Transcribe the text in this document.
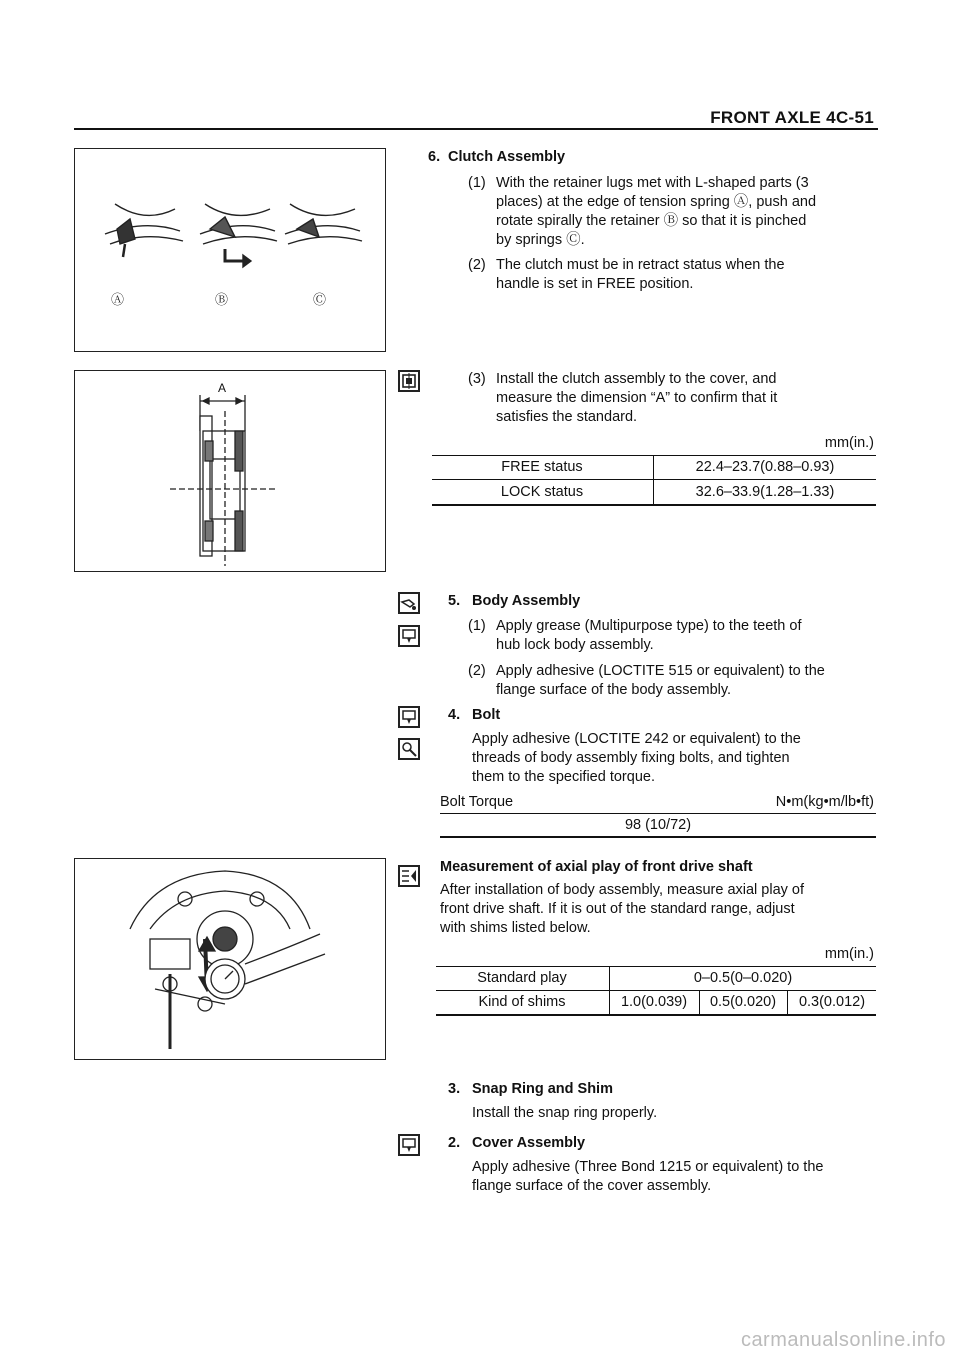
FRONT AXLE 4C-51
Ⓐ	Ⓑ	Ⓒ
A
6. Clutch Assembly
(1) With the retainer lugs met with L-shaped parts (3
places) at the edge of tension spring Ⓐ, push and
rotate spirally the retainer Ⓑ so that it is pinched
by springs Ⓒ.
(2) The clutch must be in retract status when the
handle is set in FREE position.
(3) Install the clutch assembly to the cover, and
measure the dimension “A” to confirm that it
satisfies the standard.
mm(in.)
FREE status	22.4–23.7(0.88–0.93)
LOCK status	32.6–33.9(1.28–1.33)
5. Body Assembly
(1) Apply grease (Multipurpose type) to the teeth of
hub lock body assembly.
(2) Apply adhesive (LOCTITE 515 or equivalent) to the
flange surface of the body assembly.
4. Bolt
Apply adhesive (LOCTITE 242 or equivalent) to the
threads of body assembly fixing bolts, and tighten
them to the specified torque.
Bolt Torque	N•m(kg•m/lb•ft)
98 (10/72)
Measurement of axial play of front drive shaft
After installation of body assembly, measure axial play of
front drive shaft. If it is out of the standard range, adjust
with shims listed below.
mm(in.)
Standard play	0–0.5(0–0.020)
Kind of shims	1.0(0.039)	0.5(0.020)	0.3(0.012)
3. Snap Ring and Shim
Install the snap ring properly.
2. Cover Assembly
Apply adhesive (Three Bond 1215 or equivalent) to the
flange surface of the cover assembly.
carmanualsonline.info
